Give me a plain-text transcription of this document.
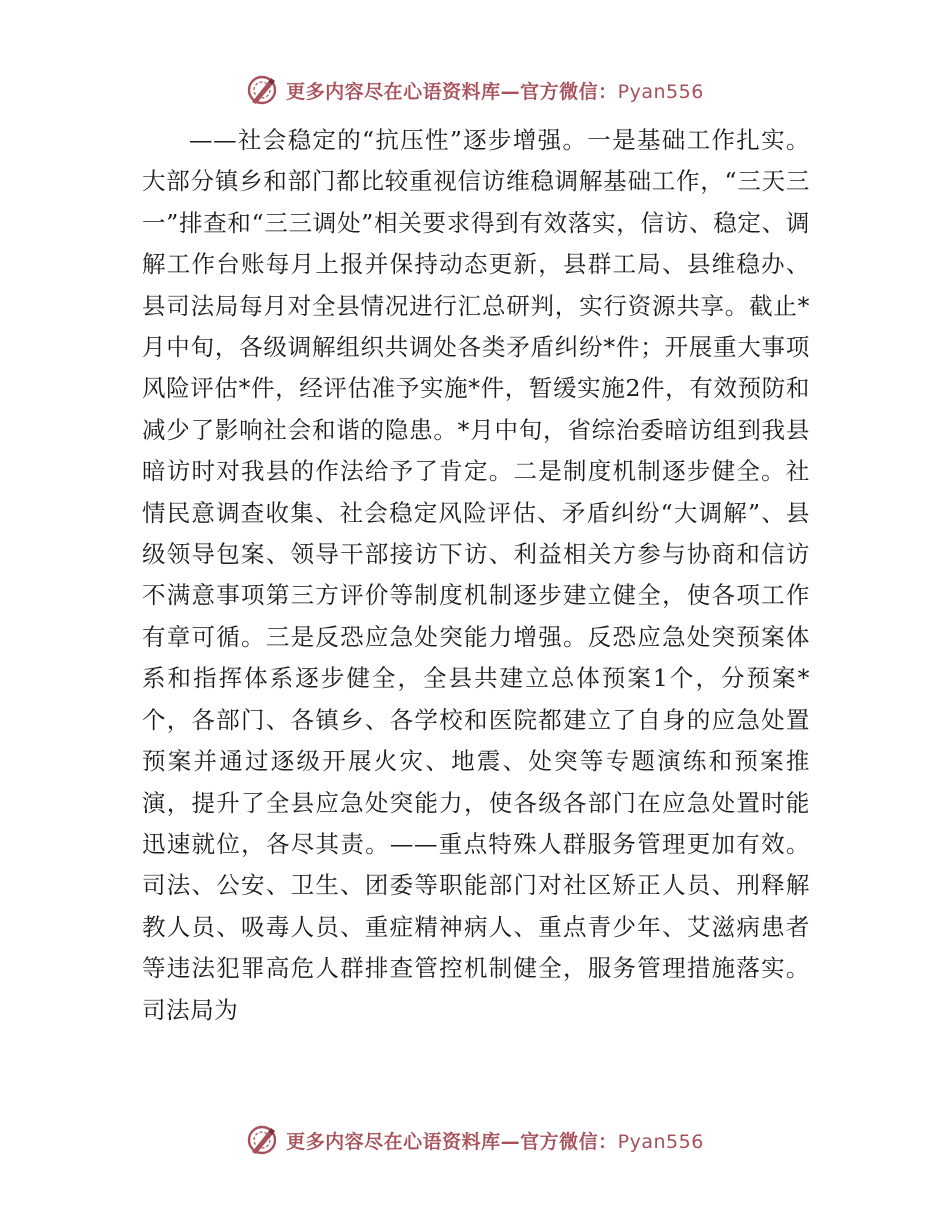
更多内容尽在心语资料库—官方微信：Pyan556

——社会稳定的“抗压性”逐步增强。一是基础工作扎实。大部分镇乡和部门都比较重视信访维稳调解基础工作，“三天三一”排查和“三三调处”相关要求得到有效落实，信访、稳定、调解工作台账每月上报并保持动态更新，县群工局、县维稳办、县司法局每月对全县情况进行汇总研判，实行资源共享。截止*月中旬，各级调解组织共调处各类矛盾纠纷*件；开展重大事项风险评估*件，经评估准予实施*件，暂缓实施2件，有效预防和减少了影响社会和谐的隐患。*月中旬，省综治委暗访组到我县暗访时对我县的作法给予了肯定。二是制度机制逐步健全。社情民意调查收集、社会稳定风险评估、矛盾纠纷“大调解”、县级领导包案、领导干部接访下访、利益相关方参与协商和信访不满意事项第三方评价等制度机制逐步建立健全，使各项工作有章可循。三是反恐应急处突能力增强。反恐应急处突预案体系和指挥体系逐步健全，全县共建立总体预案1个，分预案*个，各部门、各镇乡、各学校和医院都建立了自身的应急处置预案并通过逐级开展火灾、地震、处突等专题演练和预案推演，提升了全县应急处突能力，使各级各部门在应急处置时能迅速就位，各尽其责。——重点特殊人群服务管理更加有效。司法、公安、卫生、团委等职能部门对社区矫正人员、刑释解教人员、吸毒人员、重症精神病人、重点青少年、艾滋病患者等违法犯罪高危人群排查管控机制健全，服务管理措施落实。司法局为

更多内容尽在心语资料库—官方微信：Pyan556
